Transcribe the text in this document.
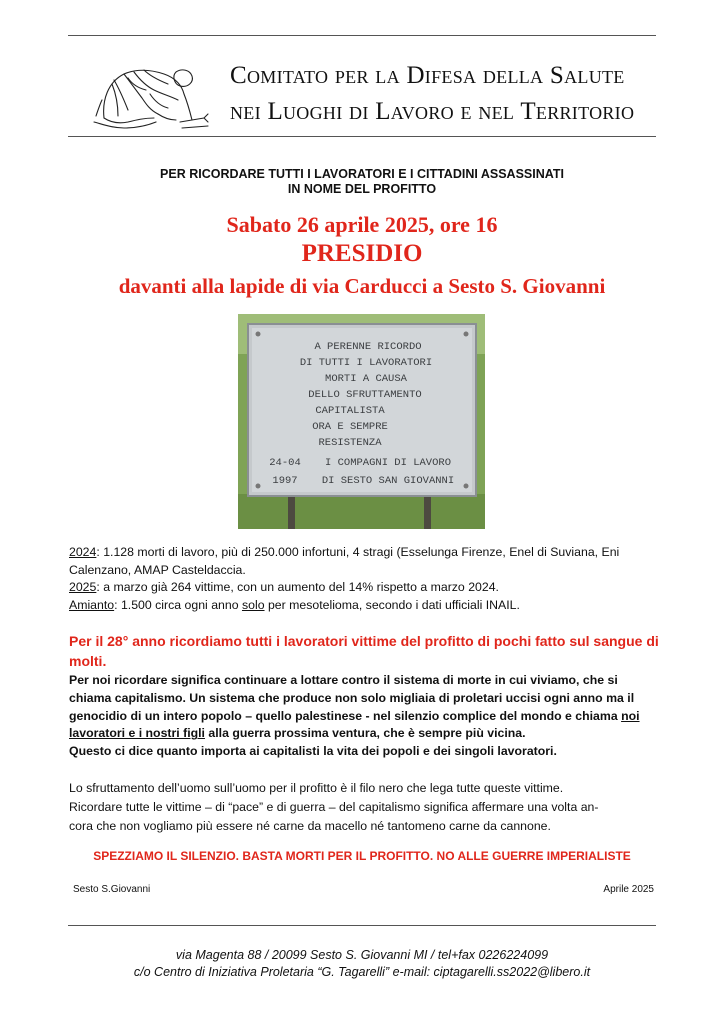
Comitato per la Difesa della Salute
nei Luoghi di Lavoro e nel Territorio
PER RICORDARE TUTTI I LAVORATORI E I CITTADINI ASSASSINATI
IN NOME DEL PROFITTO
Sabato 26 aprile 2025, ore 16
PRESIDIO
davanti alla lapide di via Carducci a Sesto S. Giovanni
A PERENNE RICORDO
DI TUTTI I LAVORATORI
MORTI A CAUSA
DELLO SFRUTTAMENTO
CAPITALISTA
ORA E SEMPRE
RESISTENZA
I COMPAGNI DI LAVORO
DI SESTO SAN GIOVANNI
24-04
1997
2024: 1.128 morti di lavoro, più di 250.000 infortuni, 4 stragi (Esselunga Firenze, Enel di Suviana, Eni Calenzano, AMAP Casteldaccia.
2025: a marzo già 264 vittime, con un aumento del 14% rispetto a marzo 2024.
Amianto: 1.500 circa ogni anno solo per mesotelioma, secondo i dati ufficiali INAIL.
Per il 28° anno ricordiamo tutti i lavoratori vittime del profitto di pochi fatto sul sangue di molti.
Per noi ricordare significa continuare a lottare contro il sistema di morte in cui viviamo, che si chiama capitalismo. Un sistema che produce non solo migliaia di proletari uccisi ogni anno ma il genocidio di un intero popolo – quello palestinese - nel silenzio complice del mondo e chiama noi lavoratori e i nostri figli alla guerra prossima ventura, che è sempre più vicina.
Questo ci dice quanto importa ai capitalisti la vita dei popoli e dei singoli lavoratori.
Lo sfruttamento dell’uomo sull’uomo per il profitto è il filo nero che lega tutte queste vittime.
Ricordare tutte le vittime – di “pace” e di guerra – del capitalismo significa affermare una volta an-
cora che non vogliamo più essere né carne da macello né tantomeno carne da cannone.
SPEZZIAMO IL SILENZIO. BASTA MORTI PER IL PROFITTO. NO ALLE GUERRE IMPERIALISTE
Sesto S.Giovanni	Aprile 2025
via Magenta 88 / 20099 Sesto S. Giovanni MI / tel+fax 0226224099
c/o Centro di Iniziativa Proletaria “G. Tagarelli” e-mail: ciptagarelli.ss2022@libero.it
